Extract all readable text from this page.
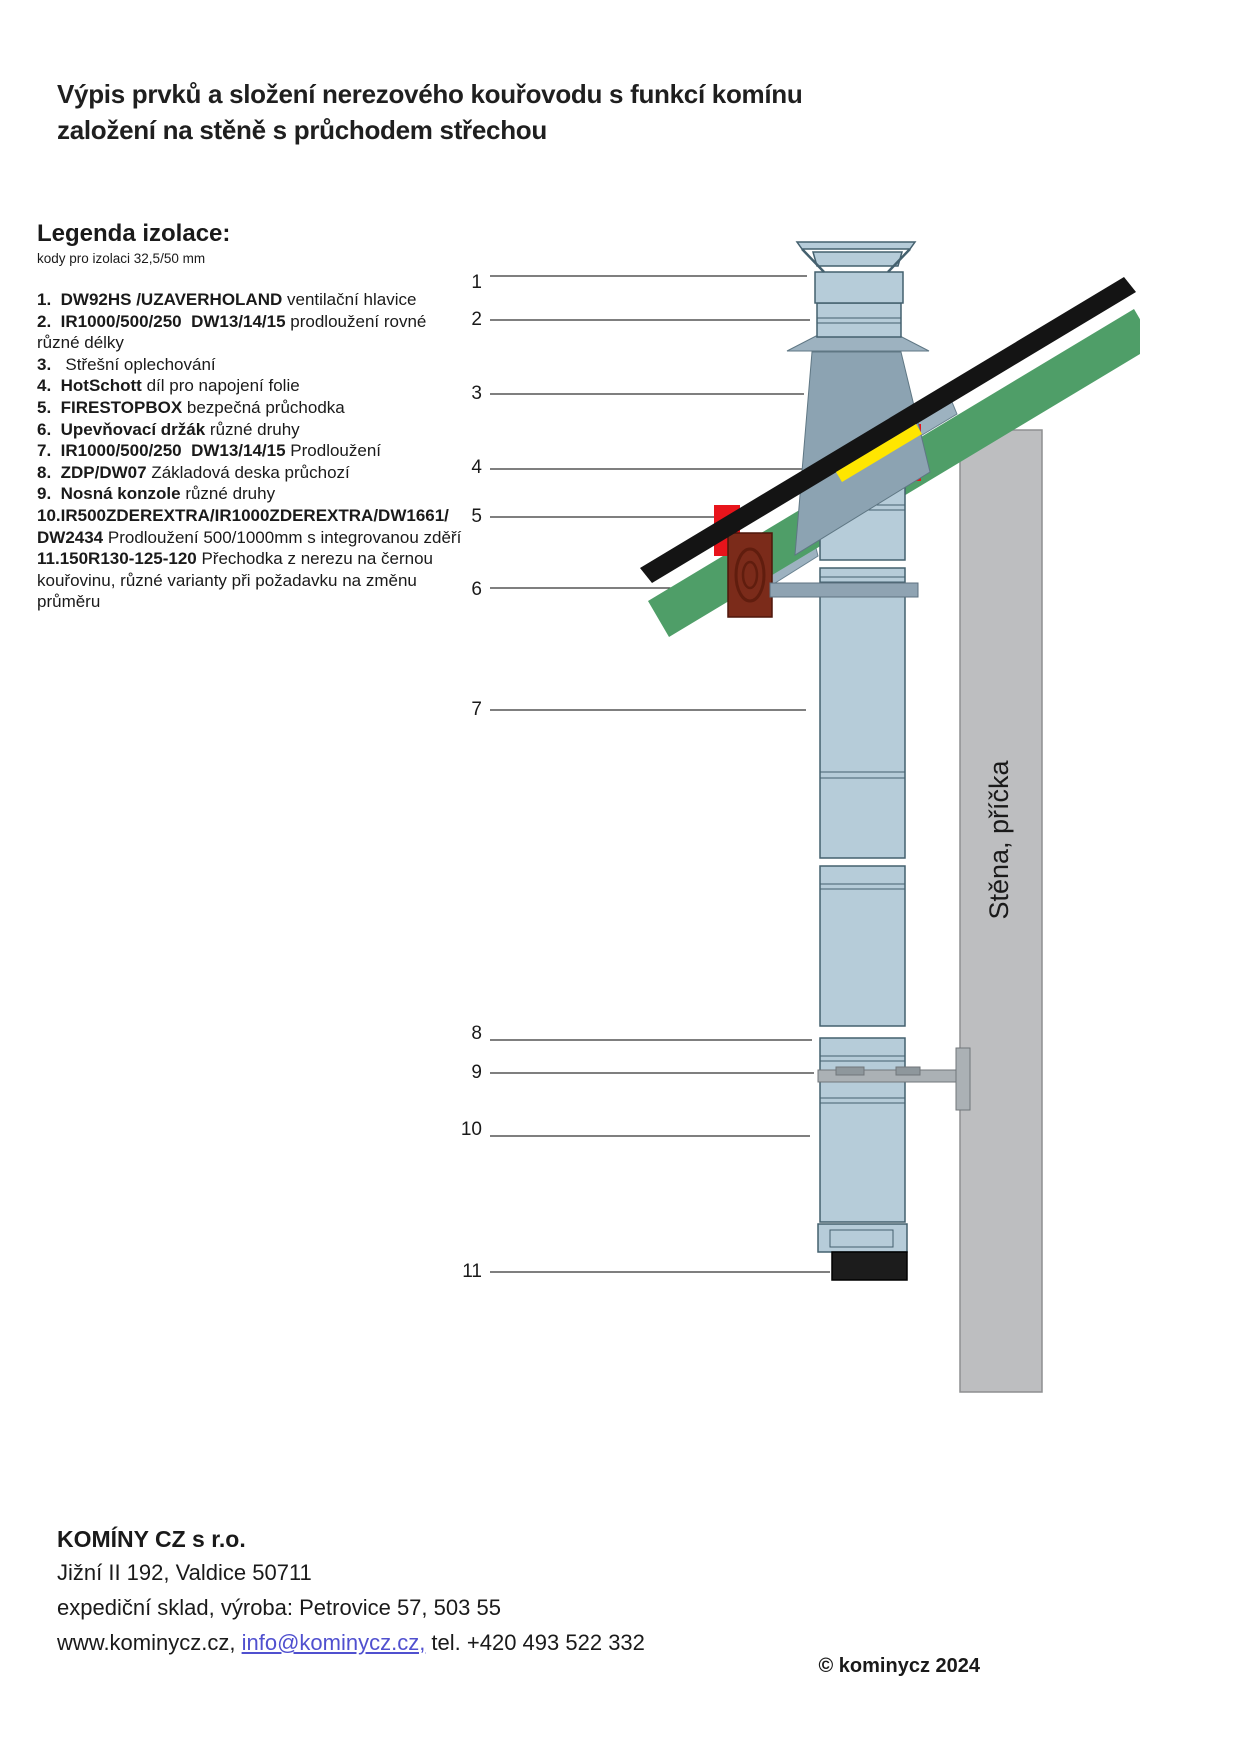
Výpis prvků a složení nerezového kouřovodu s funkcí komínu
založení na stěně s průchodem střechou
Legenda izolace:
kody pro izolaci 32,5/50 mm
1.  DW92HS /UZAVERHOLAND ventilační hlavice
2.  IR1000/500/250  DW13/14/15 prodloužení rovné
různé délky
3.   Střešní oplechování
4.  HotSchott díl pro napojení folie
5.  FIRESTOPBOX bezpečná průchodka
6.  Upevňovací držák různé druhy
7.  IR1000/500/250  DW13/14/15 Prodloužení
8.  ZDP/DW07 Základová deska průchozí
9.  Nosná konzole různé druhy
10.IR500ZDEREXTRA/IR1000ZDEREXTRA/DW1661/
DW2434 Prodloužení 500/1000mm s integrovanou zděří
11.150R130-125-120 Přechodka z nerezu na černou
kouřovinu, různé varianty při požadavku na změnu
průměru
1
2
3
4
5
6
7
8
9
10
11
Stěna, příčka
KOMÍNY CZ s r.o.
Jižní II 192, Valdice 50711
expediční sklad, výroba: Petrovice 57, 503 55
www.kominycz.cz, info@kominycz.cz, tel. +420 493 522 332
© kominycz 2024
